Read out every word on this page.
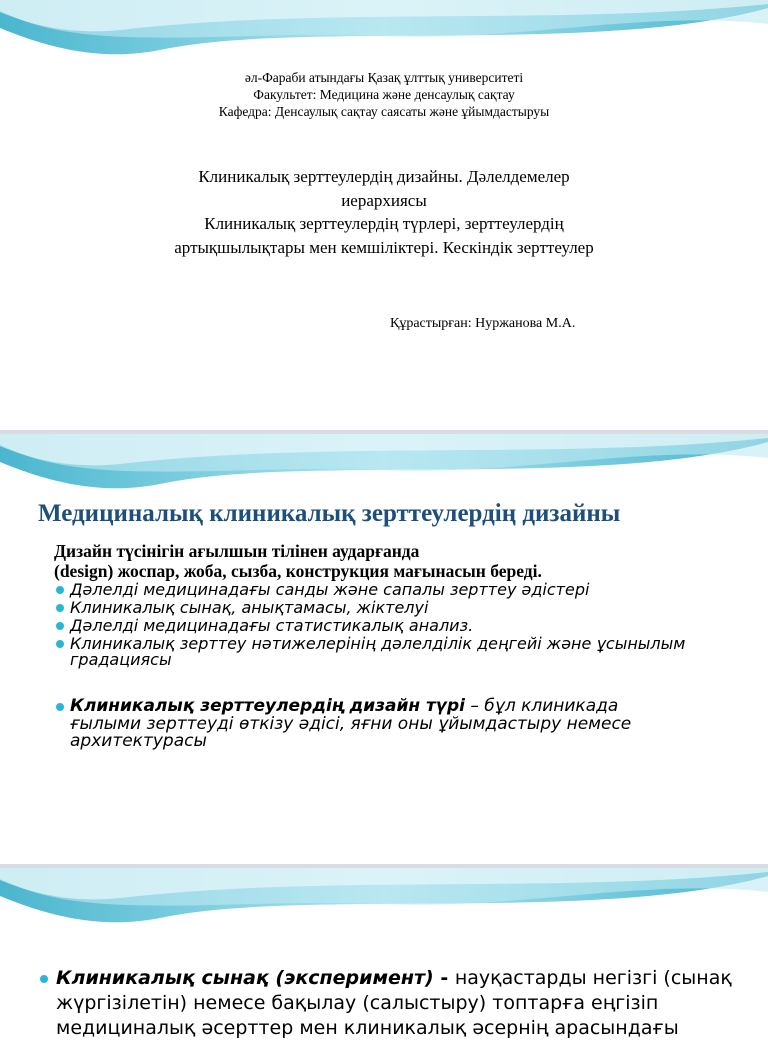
әл-Фараби атындағы Қазақ ұлттық университеті
Факультет: Медицина және денсаулық сақтау
Кафедра: Денсаулық сақтау саясаты және ұйымдастыруы
Клиникалық зерттеулердің дизайны. Дәлелдемелер
иерархиясы
Клиникалық зерттеулердің түрлері, зерттеулердің
артықшылықтары мен кемшіліктері. Кескіндік зерттеулер
Құрастырған: Нуржанова М.А.
Медициналық клиникалық зерттеулердің дизайны
Дизайн түсінігін ағылшын тілінен аударғанда
(design) жоспар, жоба, сызба, конструкция мағынасын береді.
Дәлелді медицинадағы санды және сапалы зерттеу әдістері
Клиникалық сынақ, анықтамасы, жіктелуі
Дәлелді медицинадағы статистикалық анализ.
Клиникалық зерттеу нәтижелерінің дәлелділік деңгейі және ұсынылым градациясы
Клиникалық зерттеулердің дизайн түрі – бұл клиникада ғылыми зерттеуді өткізу әдісі, яғни оны ұйымдастыру немесе архитектурасы
Клиникалық сынақ (эксперимент) - науқастарды негізгі (сынақ жүргізілетін) немесе бақылау (салыстыру) топтарға еңгізіп медициналық әсерттер мен клиникалық əсернің арасындағы
